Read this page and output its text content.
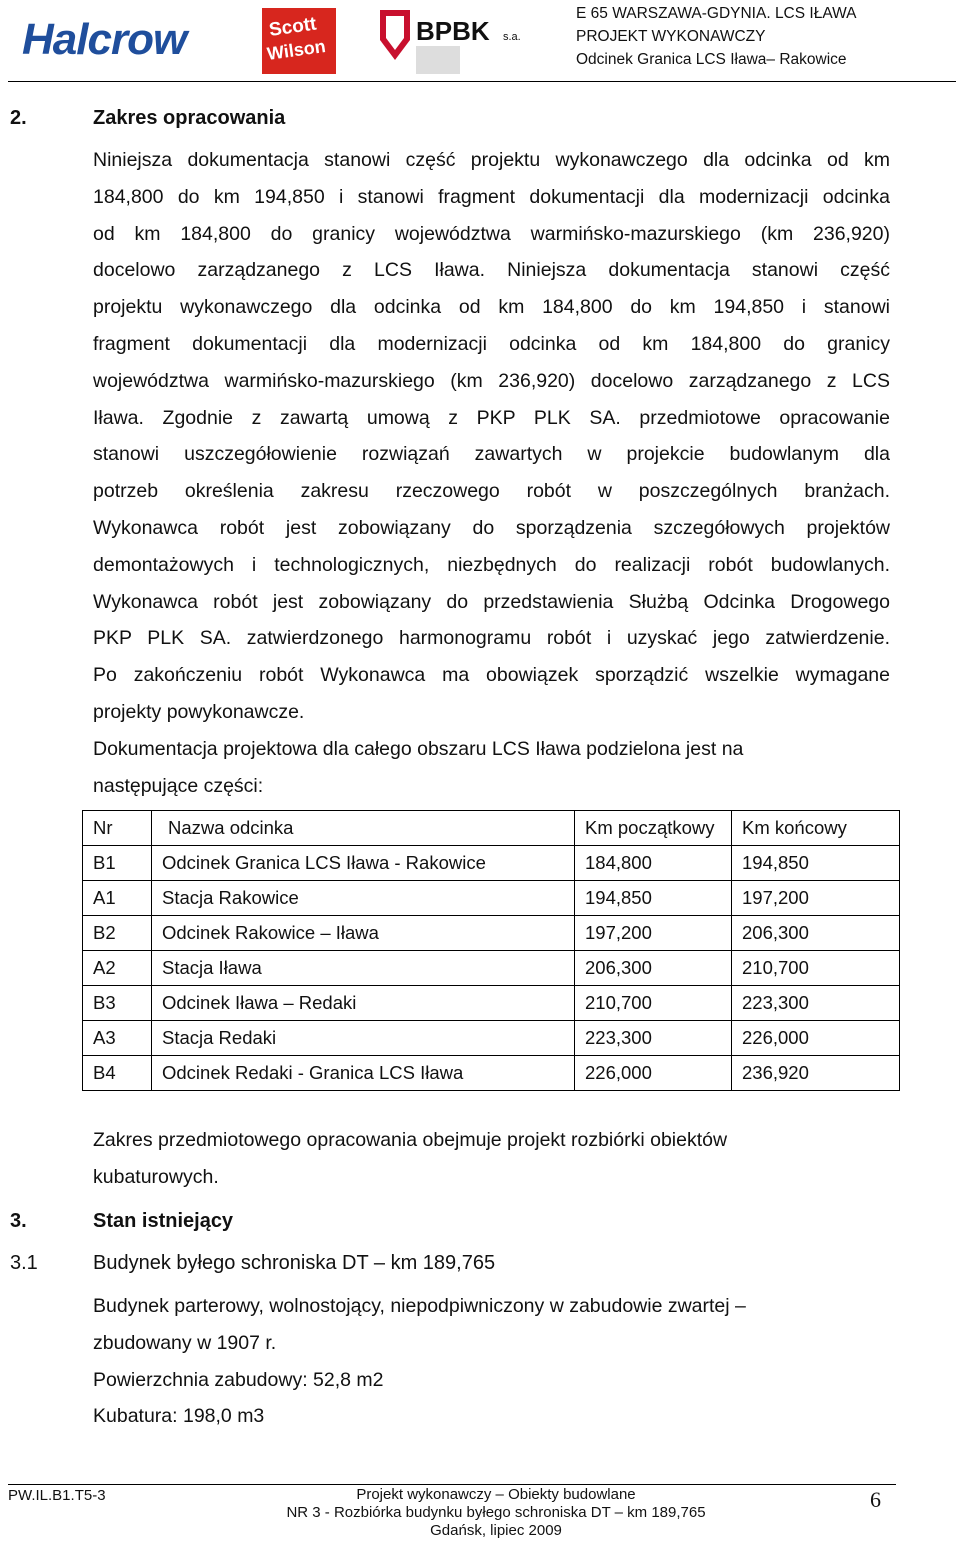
Halcrow	Scott
Wilson
BPBK s.a.
E 65 WARSZAWA-GDYNIA. LCS IŁAWA
PROJEKT WYKONAWCZY
Odcinek Granica LCS Iława– Rakowice
2.	Zakres opracowania
Niniejsza dokumentacja stanowi część projektu wykonawczego dla odcinka od km
184,800 do km 194,850 i stanowi fragment dokumentacji dla modernizacji odcinka
od km 184,800 do granicy województwa warmińsko-mazurskiego (km 236,920)
docelowo zarządzanego z LCS Iława. Niniejsza dokumentacja stanowi część
projektu wykonawczego dla odcinka od km 184,800 do km 194,850 i stanowi
fragment dokumentacji dla modernizacji odcinka od km 184,800 do granicy
województwa warmińsko-mazurskiego (km 236,920) docelowo zarządzanego z LCS
Iława. Zgodnie z zawartą umową z PKP PLK SA. przedmiotowe opracowanie
stanowi uszczegółowienie rozwiązań zawartych w projekcie budowlanym dla
potrzeb określenia zakresu rzeczowego robót w poszczególnych branżach.
Wykonawca robót jest zobowiązany do sporządzenia szczegółowych projektów
demontażowych i technologicznych, niezbędnych do realizacji robót budowlanych.
Wykonawca robót jest zobowiązany do przedstawienia Służbą Odcinka Drogowego
PKP PLK SA. zatwierdzonego harmonogramu robót i uzyskać jego zatwierdzenie.
Po zakończeniu robót Wykonawca ma obowiązek sporządzić wszelkie wymagane
projekty powykonawcze.
Dokumentacja projektowa dla całego obszaru LCS Iława podzielona jest na
następujące części:
Nr	Nazwa odcinka	Km początkowy	Km końcowy
B1	Odcinek Granica LCS Iława - Rakowice	184,800	194,850
A1	Stacja Rakowice	194,850	197,200
B2	Odcinek Rakowice – Iława	197,200	206,300
A2	Stacja Iława	206,300	210,700
B3	Odcinek Iława – Redaki	210,700	223,300
A3	Stacja Redaki	223,300	226,000
B4	Odcinek Redaki - Granica LCS Iława	226,000	236,920
Zakres przedmiotowego opracowania obejmuje projekt rozbiórki obiektów
kubaturowych.
3.	Stan istniejący
3.1	Budynek byłego schroniska DT – km 189,765
Budynek parterowy, wolnostojący, niepodpiwniczony w zabudowie zwartej –
zbudowany w 1907 r.
Powierzchnia zabudowy: 52,8 m2
Kubatura: 198,0 m3
PW.IL.B1.T5-3	Projekt wykonawczy – Obiekty budowlane
NR 3 - Rozbiórka budynku byłego schroniska DT – km 189,765
Gdańsk, lipiec 2009
6
